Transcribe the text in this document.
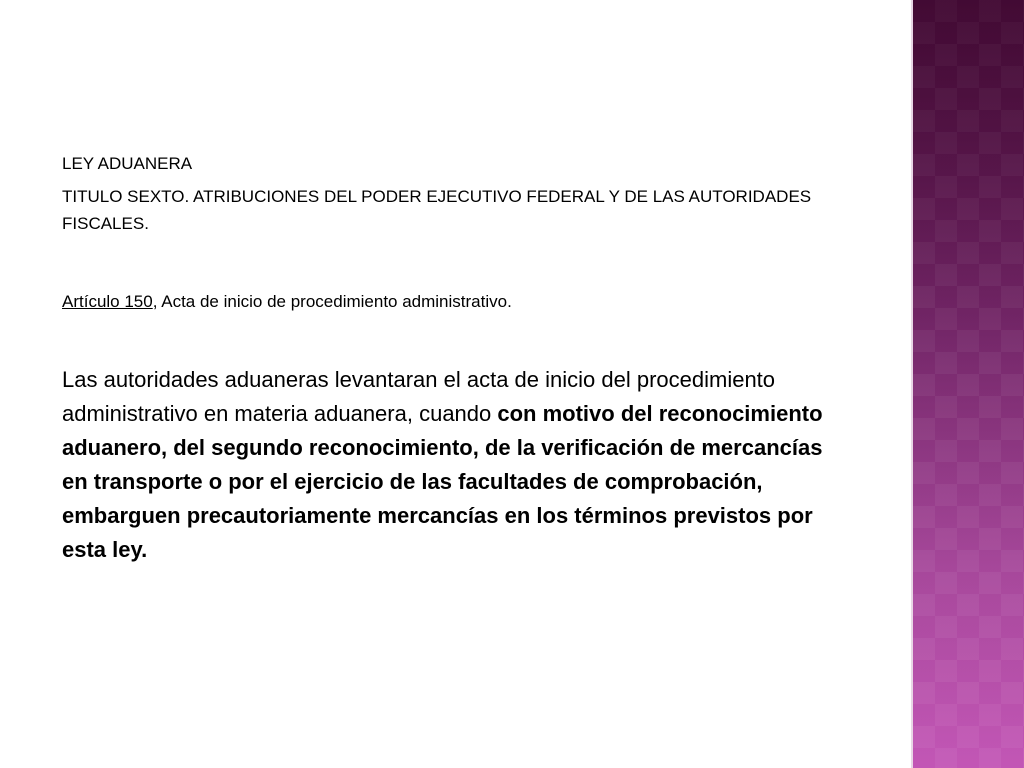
LEY ADUANERA

TITULO SEXTO. ATRIBUCIONES DEL PODER EJECUTIVO FEDERAL Y DE LAS AUTORIDADES FISCALES.

Artículo 150, Acta de inicio de procedimiento administrativo.

Las autoridades aduaneras levantaran el acta de inicio del procedimiento administrativo en materia aduanera, cuando con motivo del reconocimiento aduanero, del segundo reconocimiento, de la verificación de mercancías en transporte o por el ejercicio de las facultades de comprobación, embarguen precautoriamente mercancías en los términos previstos por esta ley.
